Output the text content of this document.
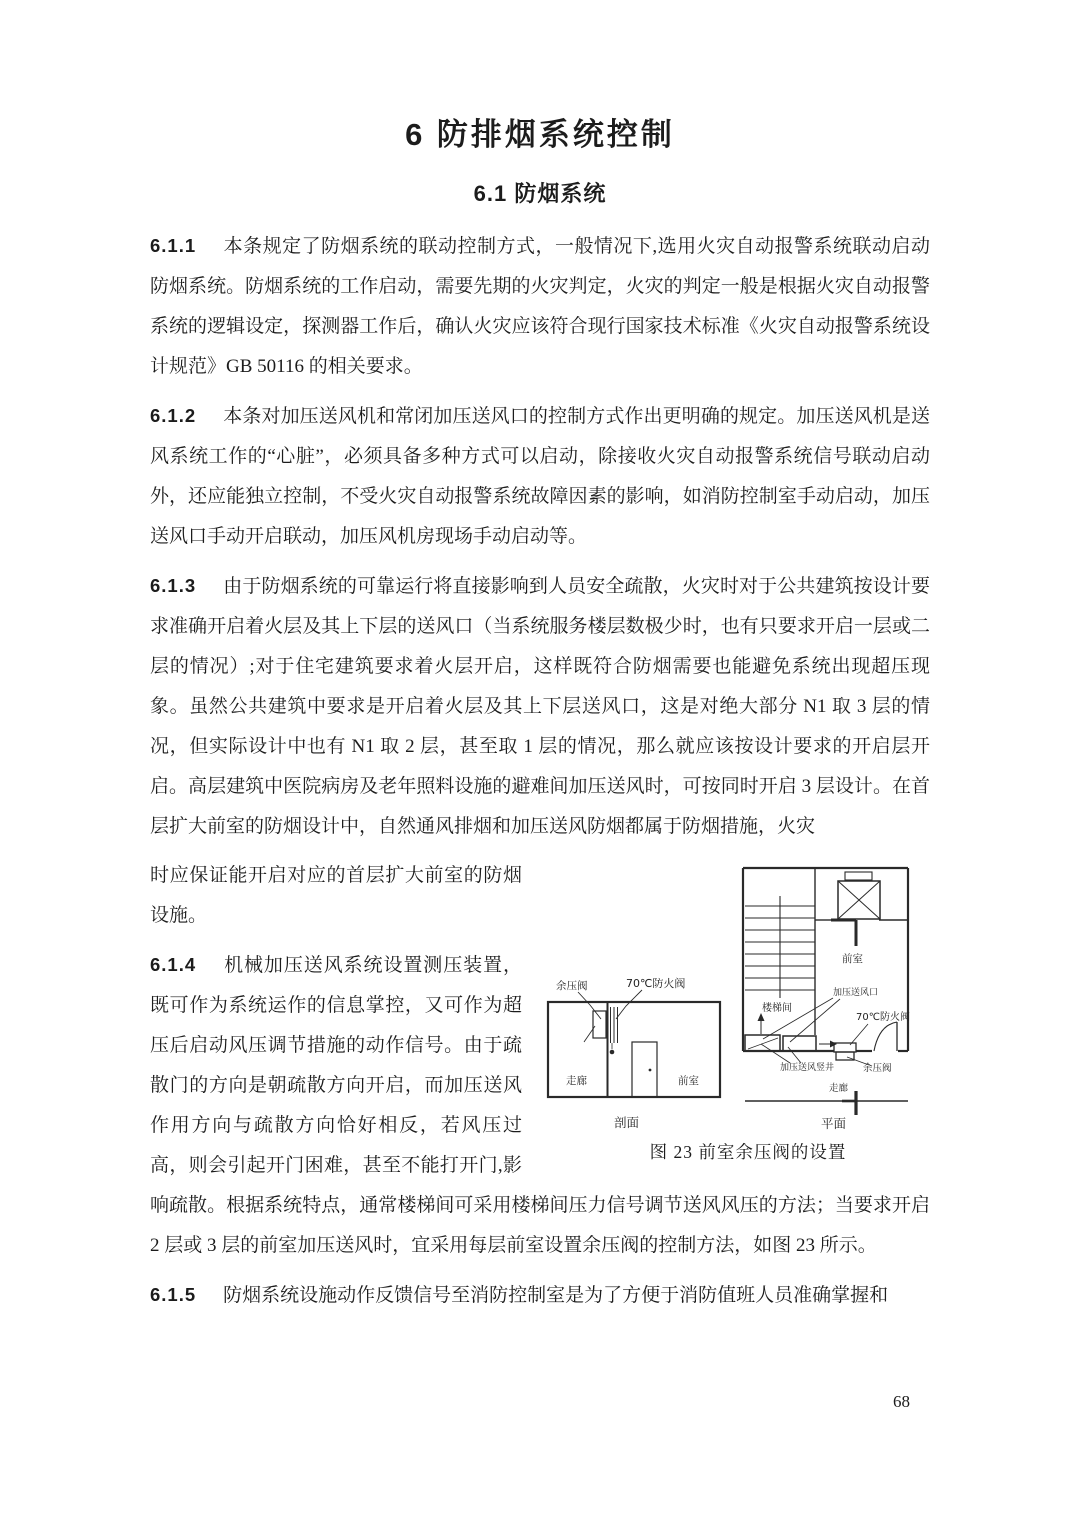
6 防排烟系统控制
6.1 防烟系统

6.1.1 本条规定了防烟系统的联动控制方式，一般情况下,选用火灾自动报警系统联动启动防烟系统。防烟系统的工作启动，需要先期的火灾判定，火灾的判定一般是根据火灾自动报警系统的逻辑设定，探测器工作后，确认火灾应该符合现行国家技术标准《火灾自动报警系统设计规范》GB 50116 的相关要求。

6.1.2 本条对加压送风机和常闭加压送风口的控制方式作出更明确的规定。加压送风机是送风系统工作的“心脏”，必须具备多种方式可以启动，除接收火灾自动报警系统信号联动启动外，还应能独立控制，不受火灾自动报警系统故障因素的影响，如消防控制室手动启动，加压送风口手动开启联动，加压风机房现场手动启动等。

6.1.3 由于防烟系统的可靠运行将直接影响到人员安全疏散，火灾时对于公共建筑按设计要求准确开启着火层及其上下层的送风口（当系统服务楼层数极少时，也有只要求开启一层或二层的情况）;对于住宅建筑要求着火层开启，这样既符合防烟需要也能避免系统出现超压现象。虽然公共建筑中要求是开启着火层及其上下层送风口，这是对绝大部分 N1 取 3 层的情况，但实际设计中也有 N1 取 2 层，甚至取 1 层的情况，那么就应该按设计要求的开启层开启。高层建筑中医院病房及老年照料设施的避难间加压送风时，可按同时开启 3 层设计。在首层扩大前室的防烟设计中，自然通风排烟和加压送风防烟都属于防烟措施，火灾

余压阀	70℃防火阀
走廊	前室
剖面
前室
加压送风口
楼梯间
70℃防火阀
加压送风竖井	余压阀
走廊
平面
图 23 前室余压阀的设置

时应保证能开启对应的首层扩大前室的防烟设施。

6.1.4 机械加压送风系统设置测压装置，既可作为系统运作的信息掌控，又可作为超压后启动风压调节措施的动作信号。由于疏散门的方向是朝疏散方向开启，而加压送风作用方向与疏散方向恰好相反，若风压过高，则会引起开门困难，甚至不能打开门,影响疏散。根据系统特点，通常楼梯间可采用楼梯间压力信号调节送风风压的方法；当要求开启 2 层或 3 层的前室加压送风时，宜采用每层前室设置余压阀的控制方法，如图 23 所示。

6.1.5 防烟系统设施动作反馈信号至消防控制室是为了方便于消防值班人员准确掌握和

68
